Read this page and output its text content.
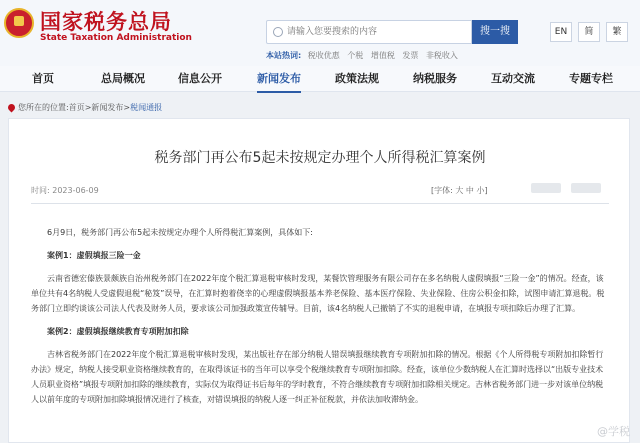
国家税务总局
State Taxation Administration
请输入您要搜索的内容
搜一搜
本站热词: 税收优惠 个税 增值税 发票 非税收入
EN	简	繁
首页	总局概况	信息公开	新闻发布	政策法规	纳税服务	互动交流	专题专栏
您所在的位置:首页>新闻发布>税闻通报
税务部门再公布5起未按规定办理个人所得税汇算案例
时间: 2023-06-09	[字体: 大 中 小]

6月9日，税务部门再公布5起未按规定办理个人所得税汇算案例，具体如下:

案例1：虚假填报三险一金

云南省德宏傣族景颇族自治州税务部门在2022年度个税汇算退税审核时发现，某餐饮管理服务有限公司存在多名纳税人虚假填报“三险一金”的情况。经查，该单位共有4名纳税人受虚假退税“秘笈”误导，在汇算时抱着侥幸的心理虚假填报基本养老保险、基本医疗保险、失业保险、住房公积金扣除，试图申请汇算退税。税务部门立即约谈该公司法人代表及财务人员，要求该公司加强政策宣传辅导。目前，该4名纳税人已撤销了不实的退税申请，在填报专项扣除后办理了汇算。

案例2：虚假填报继续教育专项附加扣除

吉林省税务部门在2022年度个税汇算退税审核时发现，某出版社存在部分纳税人错误填报继续教育专项附加扣除的情况。根据《个人所得税专项附加扣除暂行办法》规定，纳税人接受职业资格继续教育的，在取得该证书的当年可以享受个税继续教育专项附加扣除。经查，该单位少数纳税人在汇算时选择以“出版专业技术人员职业资格”填报专项附加扣除的继续教育，实际仅为取得证书后每年的学时教育，不符合继续教育专项附加扣除相关规定。吉林省税务部门进一步对该单位纳税人以前年度的专项附加扣除填报情况进行了核查，对错误填报的纳税人逐一纠正补征税款，并依法加收滞纳金。

@学税
